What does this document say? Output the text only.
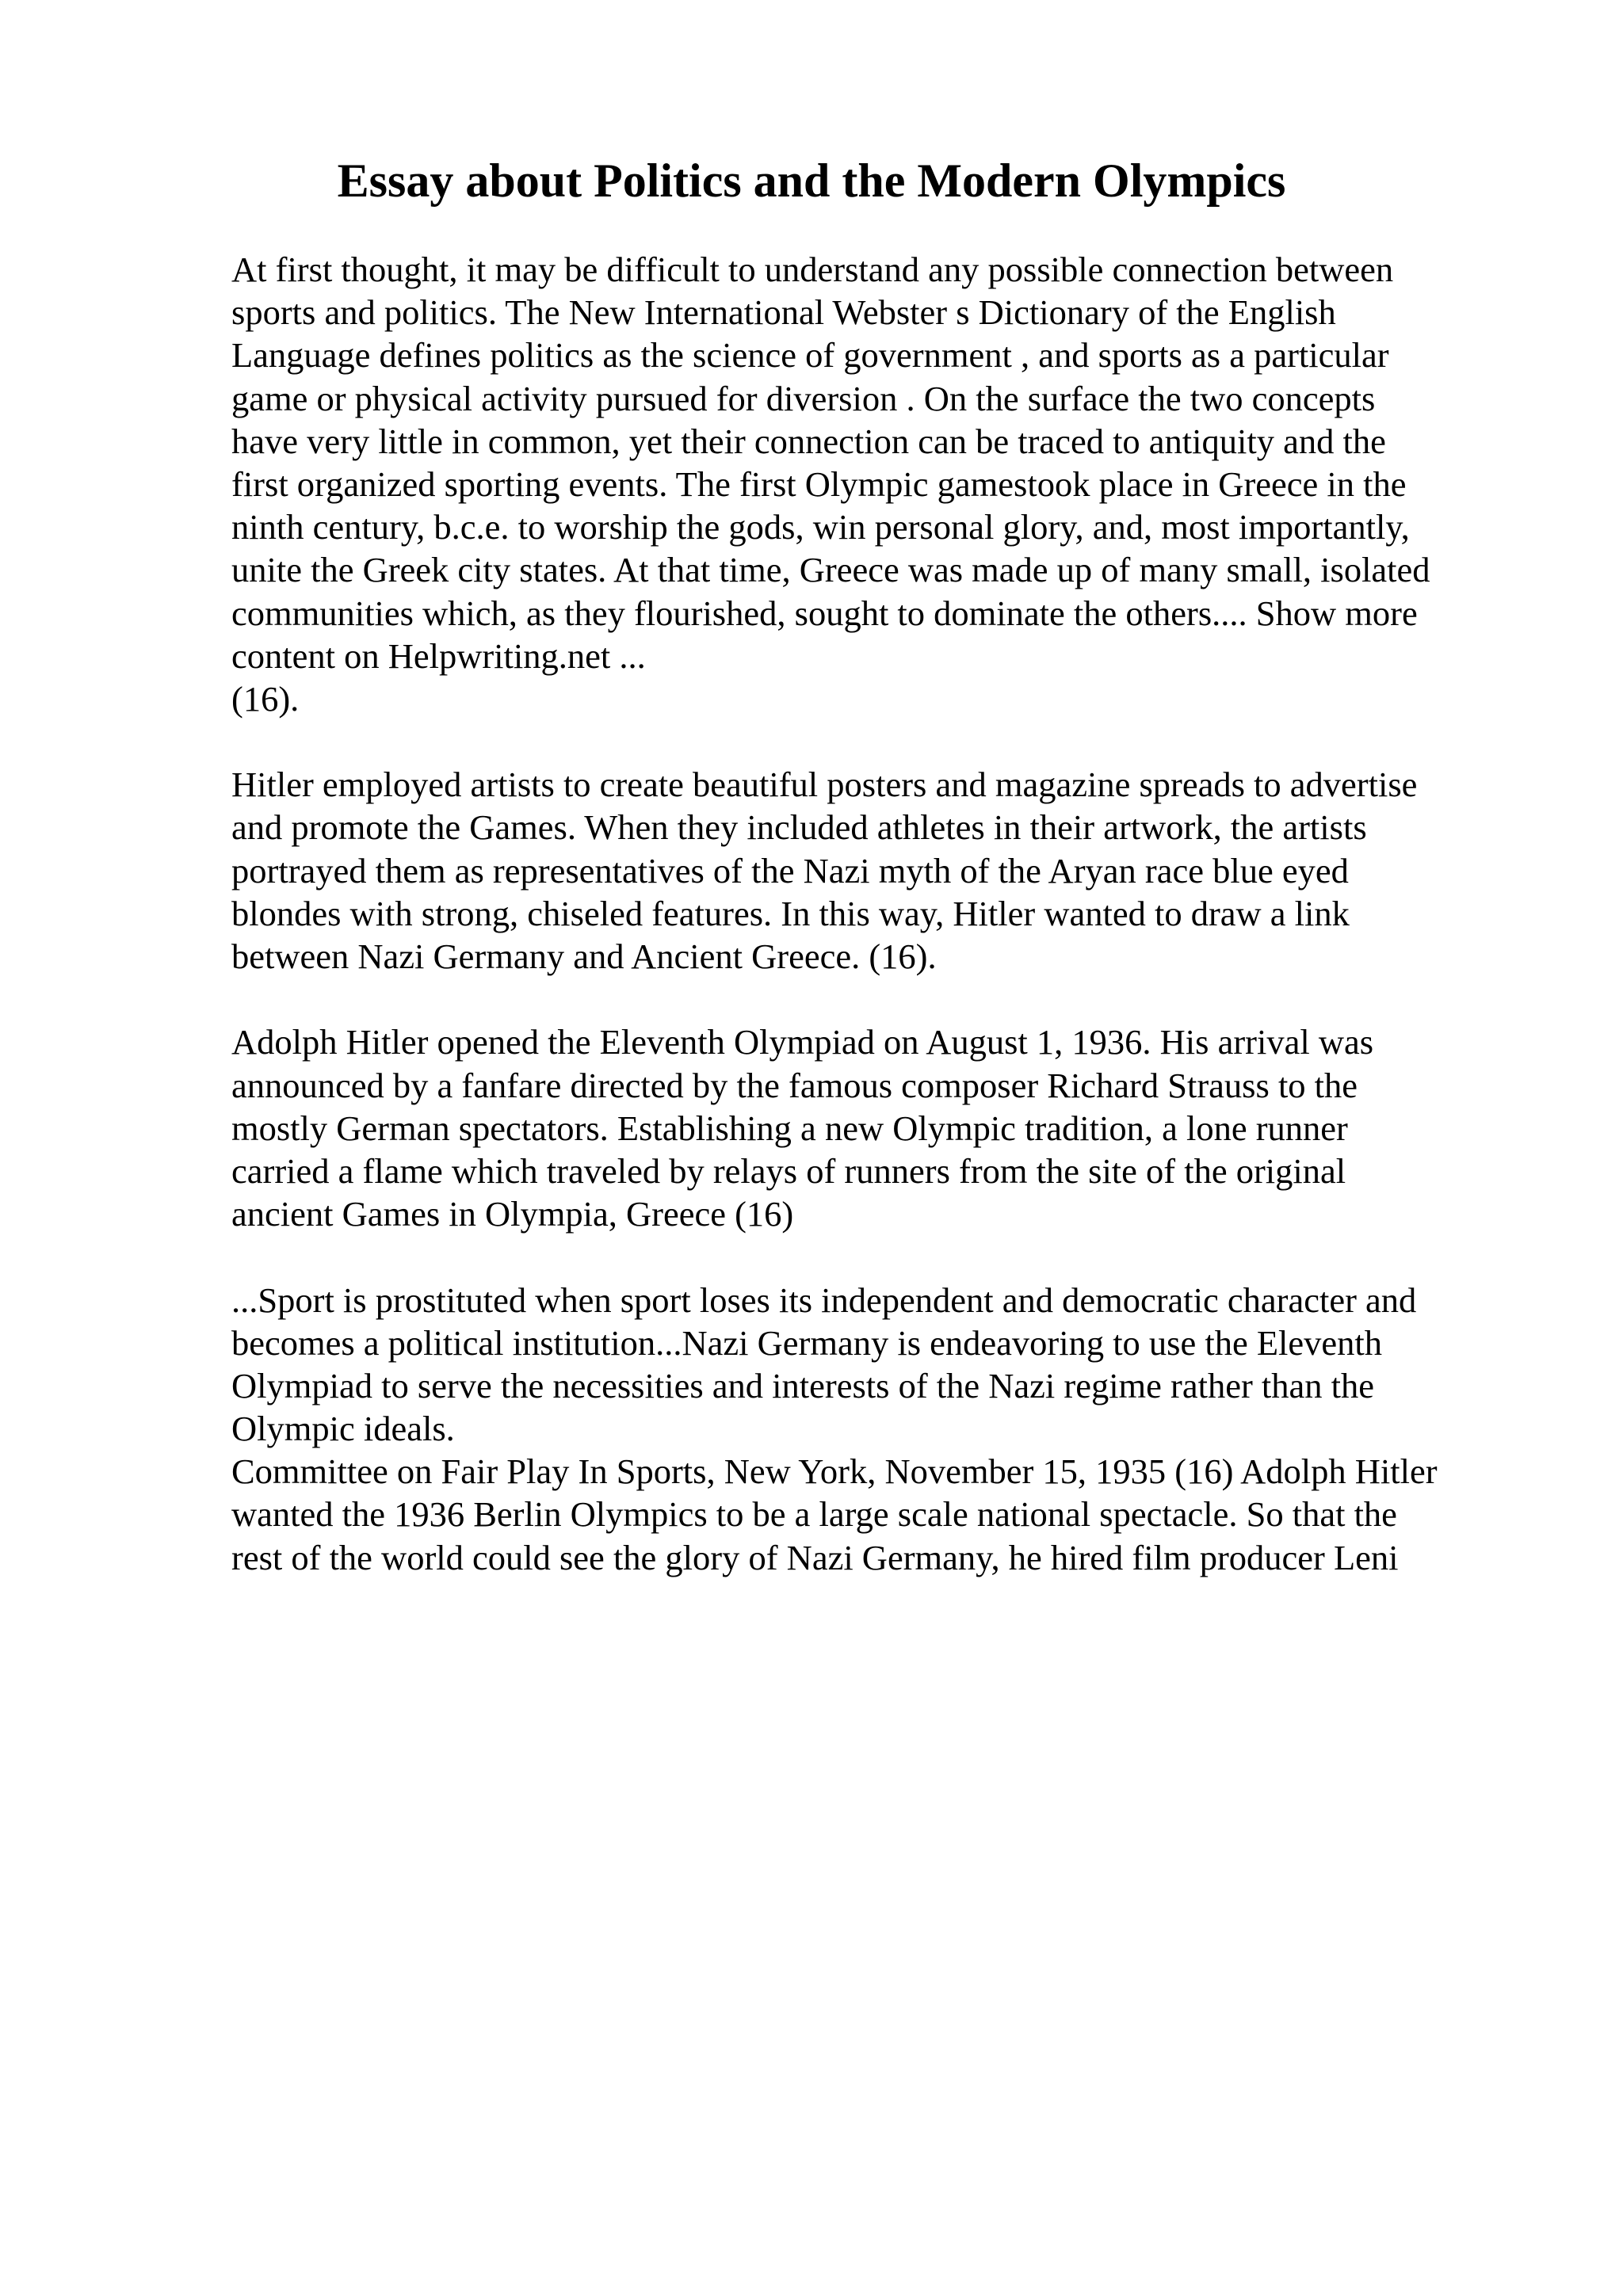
Essay about Politics and the Modern Olympics
At first thought, it may be difficult to understand any possible connection between
sports and politics. The New International Webster s Dictionary of the English
Language defines politics as the science of government , and sports as a particular
game or physical activity pursued for diversion . On the surface the two concepts
have very little in common, yet their connection can be traced to antiquity and the
first organized sporting events. The first Olympic gamestook place in Greece in the
ninth century, b.c.e. to worship the gods, win personal glory, and, most importantly,
unite the Greek city states. At that time, Greece was made up of many small, isolated
communities which, as they flourished, sought to dominate the others.... Show more
content on Helpwriting.net ...
(16).
Hitler employed artists to create beautiful posters and magazine spreads to advertise
and promote the Games. When they included athletes in their artwork, the artists
portrayed them as representatives of the Nazi myth of the Aryan race blue eyed
blondes with strong, chiseled features. In this way, Hitler wanted to draw a link
between Nazi Germany and Ancient Greece. (16).
Adolph Hitler opened the Eleventh Olympiad on August 1, 1936. His arrival was
announced by a fanfare directed by the famous composer Richard Strauss to the
mostly German spectators. Establishing a new Olympic tradition, a lone runner
carried a flame which traveled by relays of runners from the site of the original
ancient Games in Olympia, Greece (16)
...Sport is prostituted when sport loses its independent and democratic character and
becomes a political institution...Nazi Germany is endeavoring to use the Eleventh
Olympiad to serve the necessities and interests of the Nazi regime rather than the
Olympic ideals.
Committee on Fair Play In Sports, New York, November 15, 1935 (16) Adolph Hitler
wanted the 1936 Berlin Olympics to be a large scale national spectacle. So that the
rest of the world could see the glory of Nazi Germany, he hired film producer Leni
